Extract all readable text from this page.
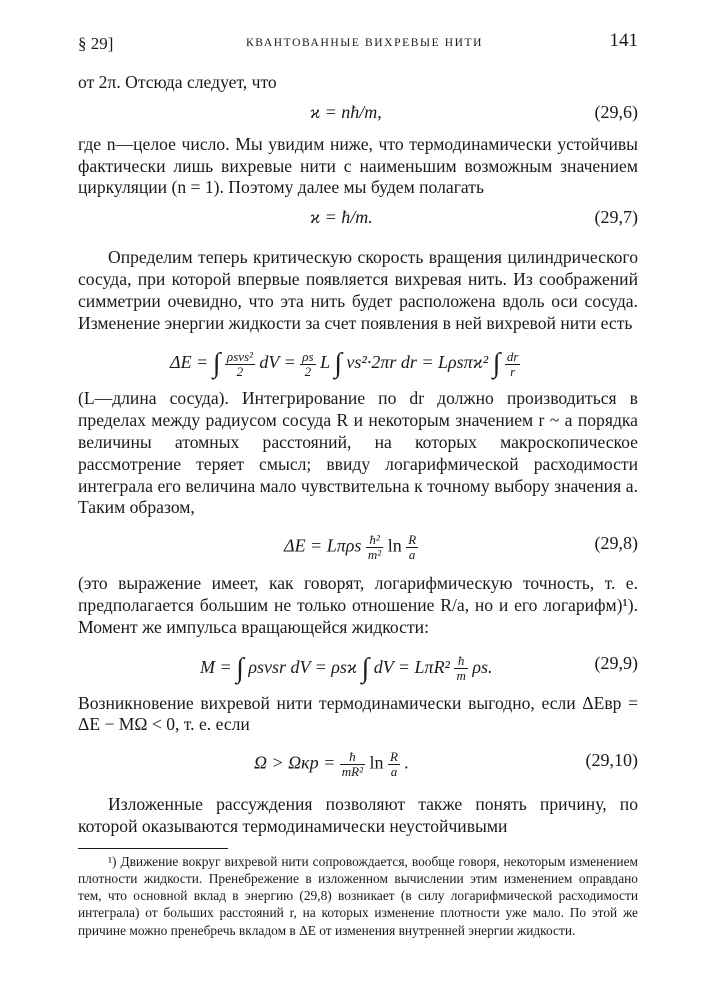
§ 29]	КВАНТОВАННЫЕ ВИХРЕВЫЕ НИТИ	141

от 2π. Отсюда следует, что

ϰ = nħ/m,	(29,6)

где n—целое число. Мы увидим ниже, что термодинамически устойчивы фактически лишь вихревые нити с наименьшим возможным значением циркуляции (n = 1). Поэтому далее мы будем полагать

ϰ = ħ/m.	(29,7)

Определим теперь критическую скорость вращения цилиндрического сосуда, при которой впервые появляется вихревая нить. Из соображений симметрии очевидно, что эта нить будет расположена вдоль оси сосуда. Изменение энергии жидкости за счет появления в ней вихревой нити есть

ΔE = ∫ $\frac{\text{ρsvs²}}{2}$ dV = $\frac{\rho s}{2}$ L ∫ vs²·2πr dr = Lρsπϰ² ∫ $\frac{dr}{r}$

(L—длина сосуда). Интегрирование по dr должно производиться в пределах между радиусом сосуда R и некоторым значением r ~ a порядка величины атомных расстояний, на которых макроскопическое рассмотрение теряет смысл; ввиду логарифмической расходимости интеграла его величина мало чувствительна к точному выбору значения a. Таким образом,

ΔE = Lπρs $\frac{\text{ħ²}}{\text{m²}}$ $\ln \frac{R}{a}$	(29,8)

(это выражение имеет, как говорят, логарифмическую точность, т. е. предполагается большим не только отношение R/a, но и его логарифм)¹). Момент же импульса вращающейся жидкости:

M = ∫ ρsvsr dV = ρsϰ ∫ dV = $L\pi R^2 \frac{ħ}{m} \rho s$.	(29,9)

Возникновение вихревой нити термодинамически выгодно, если ΔEвр = ΔE − MΩ < 0, т. е. если

$\Omega > \Omega кр = \frac{ħ}{\text{mR²}}$ $\ln \frac{R}{a}$ .	(29,10)

Изложенные рассуждения позволяют также понять причину, по которой оказываются термодинамически неустойчивыми

¹) Движение вокруг вихревой нити сопровождается, вообще говоря, некоторым изменением плотности жидкости. Пренебрежение в изложенном вычислении этим изменением оправдано тем, что основной вклад в энергию (29,8) возникает (в силу логарифмической расходимости интеграла) от больших расстояний r, на которых изменение плотности уже мало. По этой же причине можно пренебречь вкладом в ΔE от изменения внутренней энергии жидкости.
